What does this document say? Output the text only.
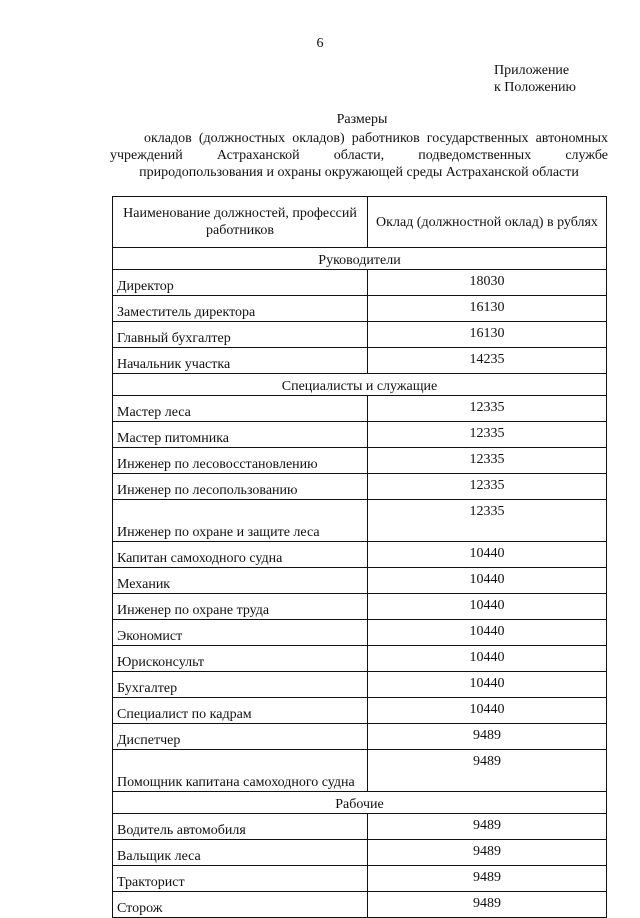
6
Приложение
к Положению
Размеры
окладов (должностных окладов) работников государственных автономных учреждений Астраханской области, подведомственных службе природопользования и охраны окружающей среды Астраханской области
Наименование должностей, профессий работников	Оклад (должностной оклад) в рублях
Руководители	
Директор	18030
Заместитель директора	16130
Главный бухгалтер	16130
Начальник участка	14235
Специалисты и служащие	
Мастер леса	12335
Мастер питомника	12335
Инженер по лесовосстановлению	12335
Инженер по лесопользованию	12335
Инженер по охране и защите леса	12335
Капитан самоходного судна	10440
Механик	10440
Инженер по охране труда	10440
Экономист	10440
Юрисконсульт	10440
Бухгалтер	10440
Специалист по кадрам	10440
Диспетчер	9489
Помощник капитана самоходного судна	9489
Рабочие	
Водитель автомобиля	9489
Вальщик леса	9489
Тракторист	9489
Сторож	9489
